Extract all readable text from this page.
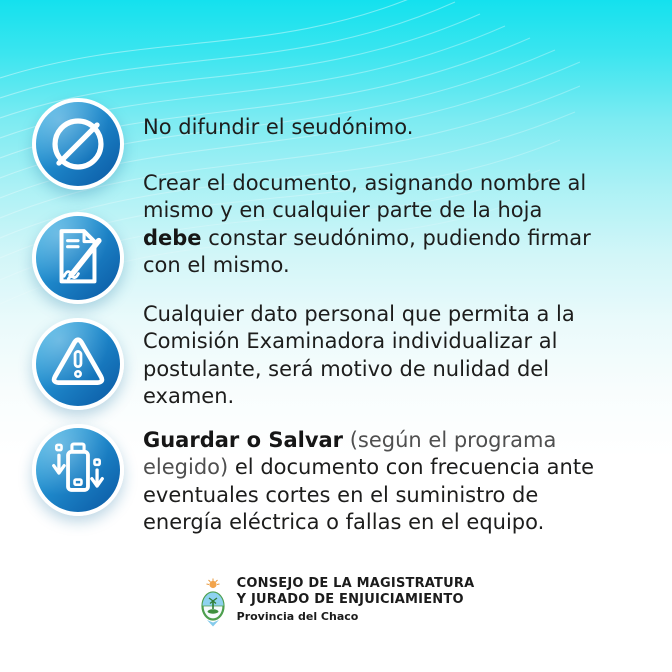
No difundir el seudónimo.
Crear el documento, asignando nombre al
mismo y en cualquier parte de la hoja
debe constar seudónimo, pudiendo firmar
con el mismo.
Cualquier dato personal que permita a la
Comisión Examinadora individualizar al
postulante, será motivo de nulidad del
examen.
Guardar o Salvar (según el programa
elegido) el documento con frecuencia ante
eventuales cortes en el suministro de
energía eléctrica o fallas en el equipo.
CONSEJO DE LA MAGISTRATURA
Y JURADO DE ENJUICIAMIENTO
Provincia del Chaco
